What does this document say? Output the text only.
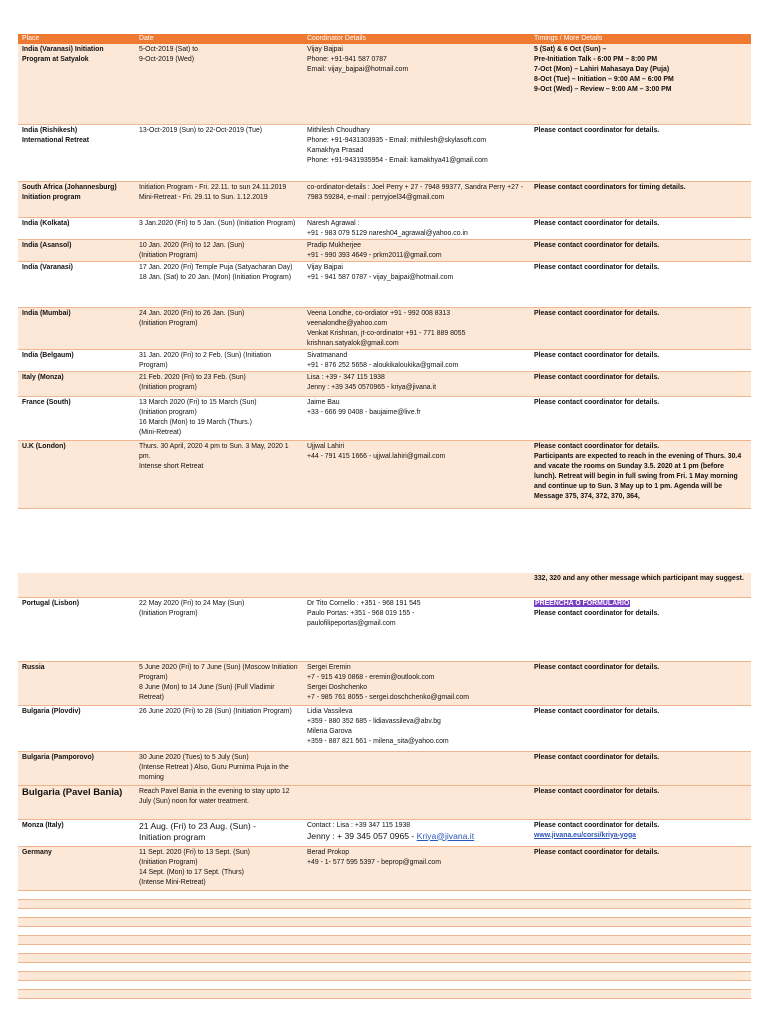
Place	Date	Coordinator Details	Timings / More Details

India (Varanasi) Initiation Program at Satyalok	5-Oct-2019 (Sat) to
9-Oct-2019 (Wed)	Vijay Bajpai
Phone: +91-941 587 0787
Email: vijay_bajpai@hotmail.com	5 (Sat) & 6 Oct (Sun) –
Pre-Initiation Talk - 6:00 PM – 8:00 PM
7-Oct (Mon) – Lahiri Mahasaya Day (Puja)
8-Oct (Tue) – Initiation – 9:00 AM – 6:00 PM
9-Oct (Wed) – Review – 9:00 AM – 3:00 PM

India (Rishikesh)
International Retreat	13-Oct-2019 (Sun) to 22-Oct-2019 (Tue)	Mithilesh Choudhary
Phone: +91-9431303935 - Email: mithilesh@skylasoft.com
Kamakhya Prasad
Phone: +91-9431935954 - Email: kamakhya41@gmail.com	Please contact coordinator for details.

South Africa (Johannesburg) Initiation program	Initiation Program - Fri. 22.11. to sun 24.11.2019
Mini-Retreat - Fri. 29.11 to Sun. 1.12.2019	co-ordinator-details : Joel Perry + 27 - 7948 99377, Sandra Perry +27 - 7983 59284, e-mail : perryjoel34@gmail.com	Please contact coordinators for timing details.

India (Kolkata)	3 Jan.2020 (Fri) to 5 Jan. (Sun) (Initiation Program)	Naresh Agrawal :
+91 - 983 079 5129 naresh04_agrawal@yahoo.co.in	Please contact coordinator for details.

India (Asansol)	10 Jan. 2020 (Fri) to 12 Jan. (Sun)
(Initiation Program)	Pradip Mukherjee
+91 - 990 393 4649 - prkm2011@gmail.com	Please contact coordinator for details.

India (Varanasi)	17 Jan. 2020 (Fri) Temple Puja (Satyacharan Day)
18 Jan. (Sat) to 20 Jan. (Mon) (Initiation Program)	Vijay Bajpai
+91 - 941 587 0787 - vijay_bajpai@hotmail.com	Please contact coordinator for details.

India (Mumbai)	24 Jan. 2020 (Fri) to 26 Jan. (Sun)
(Initiation Program)	Veena Londhe, co-ordiator +91 - 992 008 8313
veenalondhe@yahoo.com
Venkat Krishnan, jt-co-ordinator +91 - 771 889 8055
krishnan.satyalok@gmail.com	Please contact coordinator for details.

India (Belgaum)	31 Jan. 2020 (Fri) to 2 Feb. (Sun) (Initiation Program)	Sivatmanand
+91 - 876 252 5658 - aloukikaloukika@gmail.com	Please contact coordinator for details.

Italy (Monza)	21 Feb. 2020 (Fri) to 23 Feb. (Sun)
(Initiation program)	Lisa : +39 - 347 115 1938
Jenny : +39 345 0570965 - kriya@jivana.it	Please contact coordinator for details.

France (South)	13 March 2020 (Fri) to 15 March (Sun)
(Initiation program)
16 March (Mon) to 19 March (Thurs.)
(Mini-Retreat)	Jaime Bau
+33 - 666 99 0408 - baujaime@live.fr	Please contact coordinator for details.

U.K (London)	Thurs. 30 April, 2020 4 pm to Sun. 3 May, 2020 1 pm.
Intense short Retreat	Ujjwal Lahiri
+44 - 791 415 1666 - ujjwal.lahiri@gmail.com	Please contact coordinator for details.
Participants are expected to reach in the evening of Thurs. 30.4 and vacate the rooms on Sunday 3.5. 2020 at 1 pm (before lunch). Retreat will begin in full swing from Fri. 1 May morning and continue up to Sun. 3 May up to 1 pm. Agenda will be Message 375, 374, 372, 370, 364,
			332, 320 and any other message which participant may suggest.
Portugal (Lisbon)	22 May 2020 (Fri) to 24 May (Sun)
(Initiation Program)	Dr Tito Cornello : +351 - 968 191 545
Paulo Portas: +351 - 968 019 155 -
paulofilipeportas@gmail.com	PREENCHA O FORMULÁRIO
Please contact coordinator for details.

Russia	5 June 2020 (Fri) to 7 June (Sun) (Moscow Initiation Program)
8 June (Mon) to 14 June (Sun) (Full Vladimir Retreat)	Sergei Eremin
+7 - 915 419 0868 - eremin@outlook.com
Sergei Doshchenko
+7 - 985 761 8055 - sergei.doschchenko@gmail.com	Please contact coordinator for details.

Bulgaria (Plovdiv)	26 June 2020 (Fri) to 28 (Sun) (Initiation Program)	Lidia Vassileva
+359 - 880 352 685 - lidiavassileva@abv.bg
Milena Garova
+359 - 887 821 561 - milena_sita@yahoo.com	Please contact coordinator for details.

Bulgaria (Pamporovo)	30 June 2020 (Tues) to 5 July (Sun)
(Intense Retreat ) Also, Guru Purnima Puja in the morning		Please contact coordinator for details.

Bulgaria (Pavel Bania)	Reach Pavel Bania in the evening to stay upto 12 July (Sun) noon for water treatment.		Please contact coordinator for details.
Monza (Italy)	21 Aug. (Fri) to 23 Aug. (Sun) -
Initiation program	Contact : Lisa : +39 347 115 1938
Jenny : + 39 345 057 0965 - Kriya@jivana.it	Please contact coordinator for details.
www.jivana.eu/corsi/kriya-yoga
Germany	11 Sept. 2020 (Fri) to 13 Sept. (Sun)
(Initiation Program)
14 Sept. (Mon) to 17 Sept. (Thurs)
(Intense Mini-Retreat)	Berad Prokop
+49 - 1- 577 595 5397 - beprop@gmail.com	Please contact coordinator for details.
